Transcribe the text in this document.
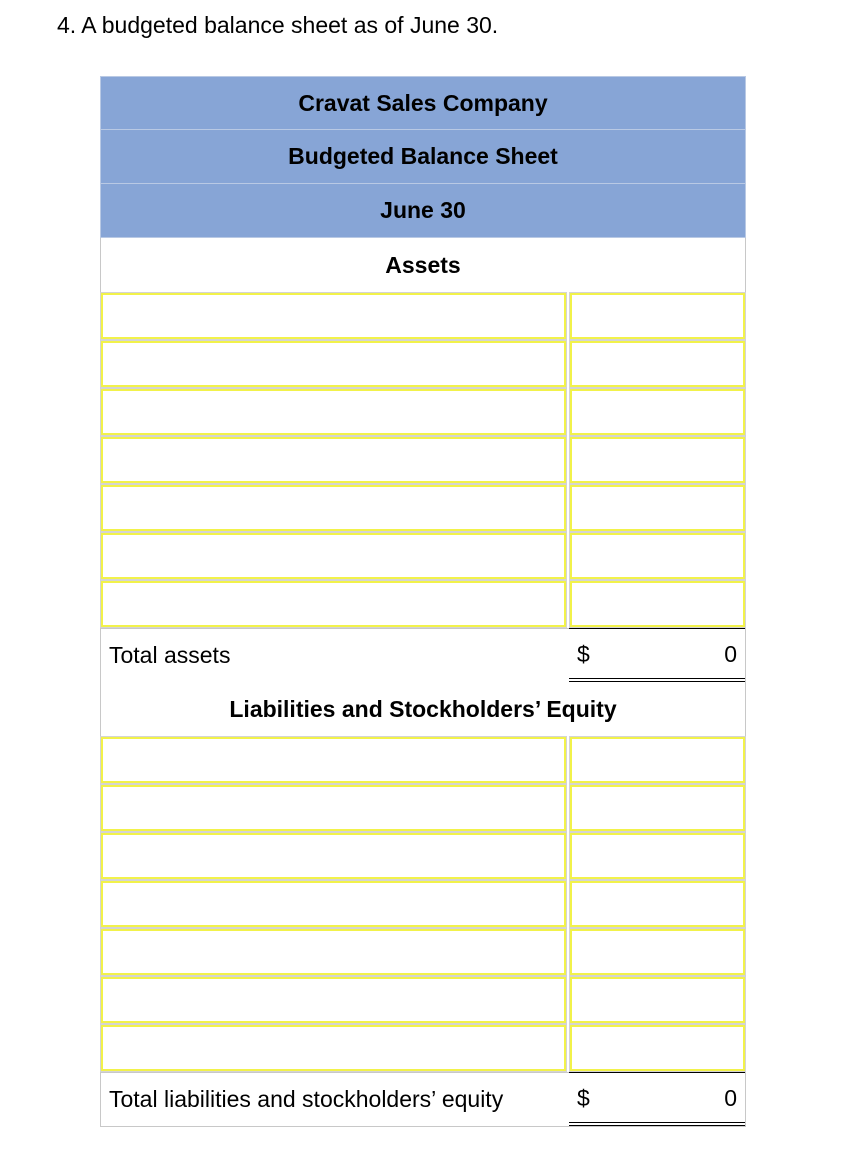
4. A budgeted balance sheet as of June 30.
Cravat Sales Company
Budgeted Balance Sheet
June 30
Assets
Total assets	$	0
Liabilities and Stockholders’ Equity
Total liabilities and stockholders’ equity	$	0
